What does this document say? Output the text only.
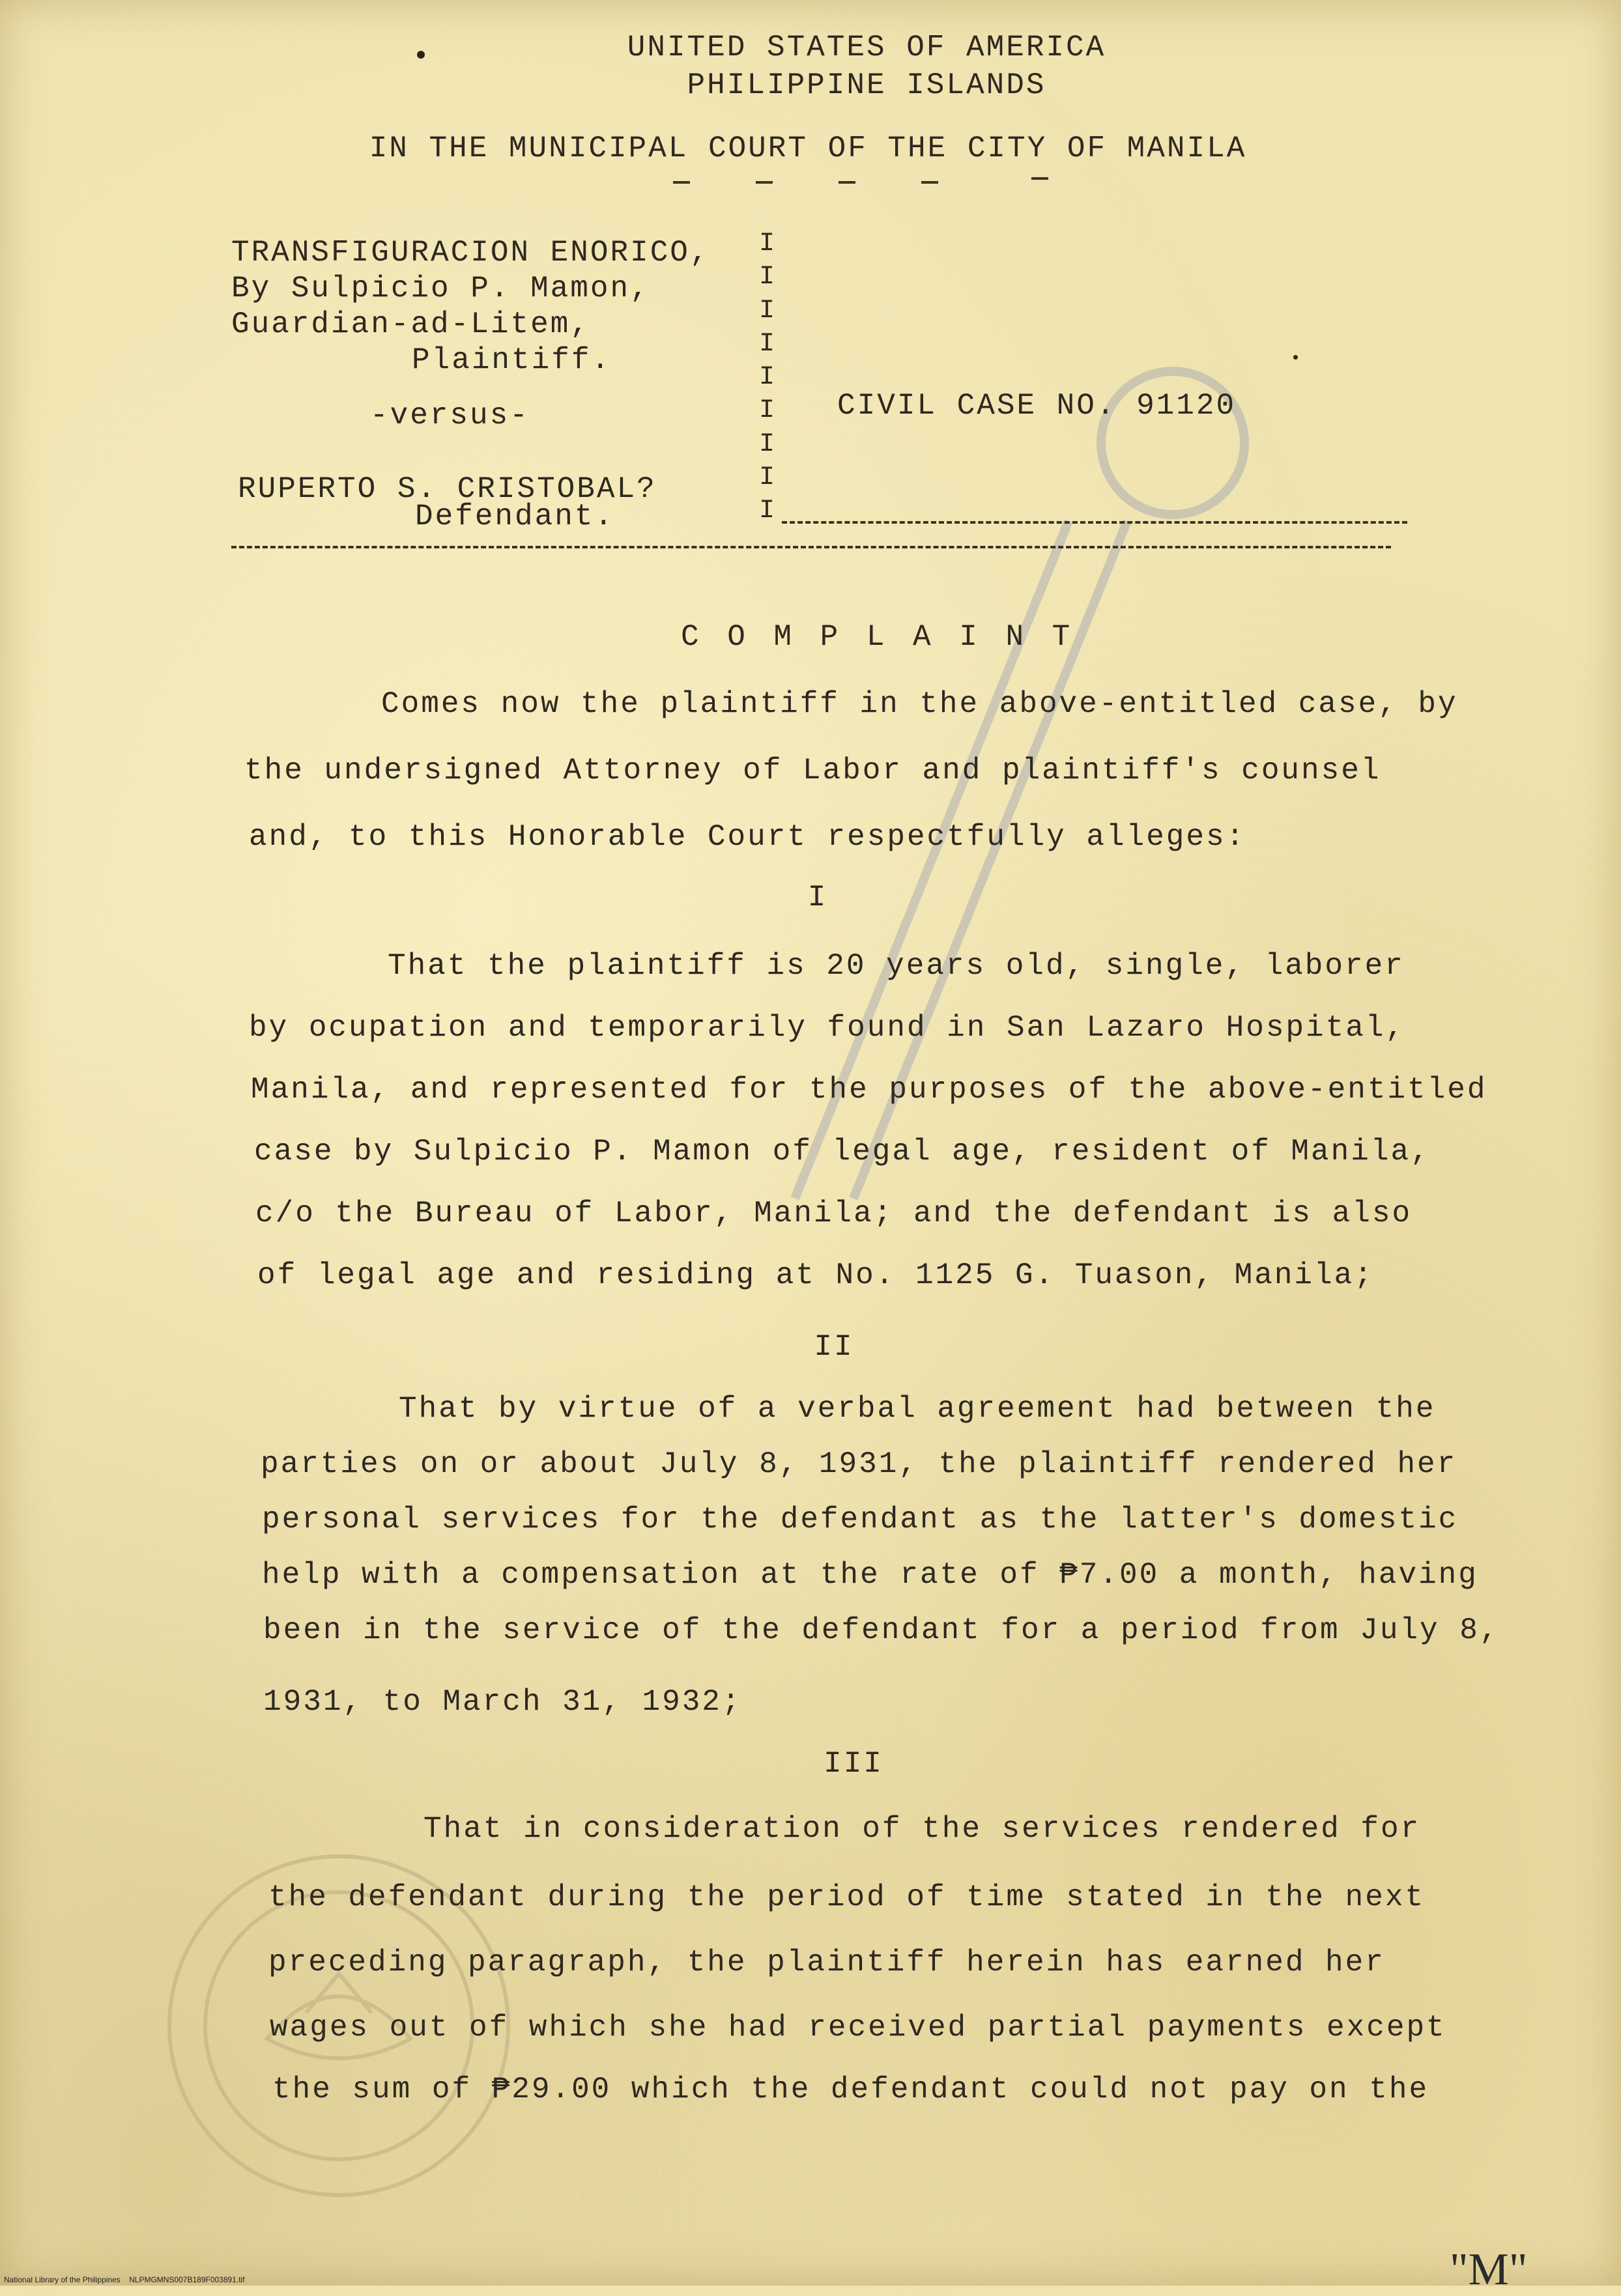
UNITED STATES OF AMERICA
PHILIPPINE ISLANDS
IN THE MUNICIPAL COURT OF THE CITY OF MANILA
TRANSFIGURACION ENORICO,
By Sulpicio P. Mamon,
Guardian-ad-Litem,
Plaintiff.
-versus-
RUPERTO S. CRISTOBAL?
Defendant.
I
I
I
I
I
I
I
I
I
CIVIL CASE NO. 91120
C O M P L A I N T
Comes now the plaintiff in the above-entitled case, by
the undersigned Attorney of Labor and plaintiff's counsel
and, to this Honorable Court respectfully alleges:
I
That the plaintiff is 20 years old, single, laborer
by ocupation and temporarily found in San Lazaro Hospital,
Manila, and represented for the purposes of the above-entitled
case by Sulpicio P. Mamon of legal age, resident of Manila,
c/o the Bureau of Labor, Manila; and the defendant is also
of legal age and residing at No. 1125 G. Tuason, Manila;
II
That by virtue of a verbal agreement had between the
parties on or about July 8, 1931, the plaintiff rendered her
personal services for the defendant as the latter's domestic
help with a compensation at the rate of ₱7.00 a month, having
been in the service of the defendant for a period from July 8,
1931, to March 31, 1932;
III
That in consideration of the services rendered for
the defendant during the period of time stated in the next
preceding paragraph, the plaintiff herein has earned her
wages out of which she had received partial payments except
the sum of ₱29.00 which the defendant could not pay on the
National Library of the Philippines    NLPMGMNS007B189F003891.tif	"M"
